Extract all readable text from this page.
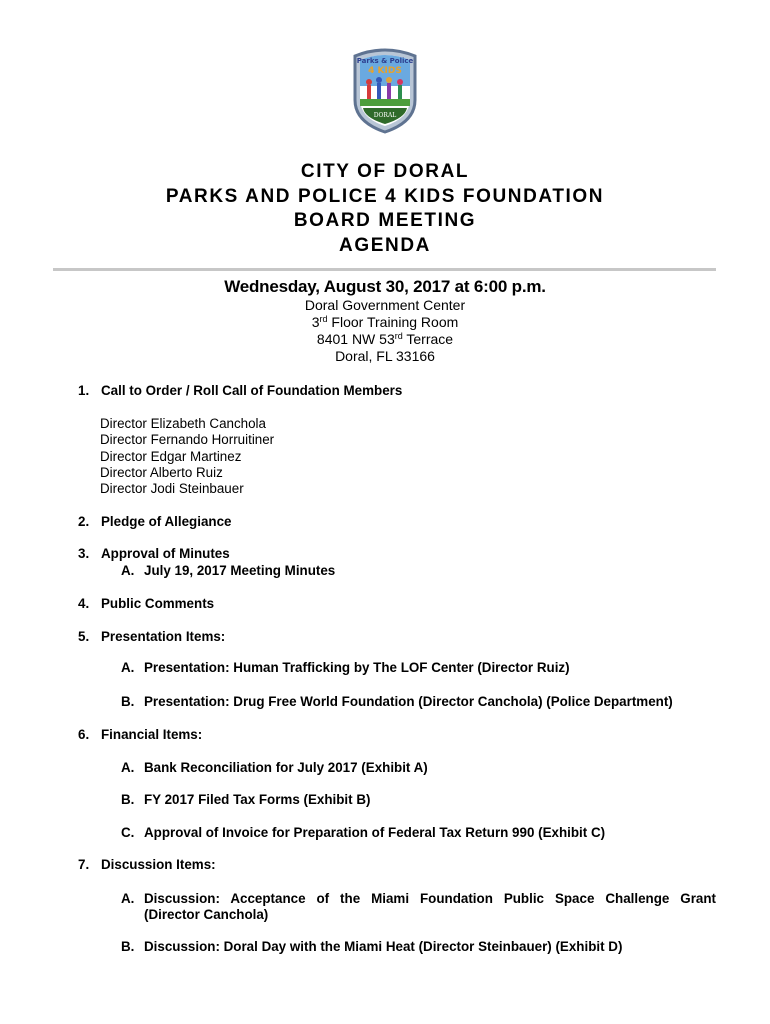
Parks & Police
4 KIDS
DORAL
CITY OF DORAL
PARKS AND POLICE 4 KIDS FOUNDATION
BOARD MEETING
AGENDA
Wednesday, August 30, 2017 at 6:00 p.m.
Doral Government Center
3rd Floor Training Room
8401 NW 53rd Terrace
Doral, FL 33166
1. Call to Order / Roll Call of Foundation Members
Director Elizabeth Canchola
Director Fernando Horruitiner
Director Edgar Martinez
Director Alberto Ruiz
Director Jodi Steinbauer
2. Pledge of Allegiance
3. Approval of Minutes
A. July 19, 2017 Meeting Minutes
4. Public Comments
5. Presentation Items:
A. Presentation: Human Trafficking by The LOF Center (Director Ruiz)
B. Presentation: Drug Free World Foundation (Director Canchola) (Police Department)
6. Financial Items:
A. Bank Reconciliation for July 2017 (Exhibit A)
B. FY 2017 Filed Tax Forms (Exhibit B)
C. Approval of Invoice for Preparation of Federal Tax Return 990 (Exhibit C)
7. Discussion Items:
A. Discussion: Acceptance of the Miami Foundation Public Space Challenge Grant
(Director Canchola)
B. Discussion: Doral Day with the Miami Heat (Director Steinbauer) (Exhibit D)
